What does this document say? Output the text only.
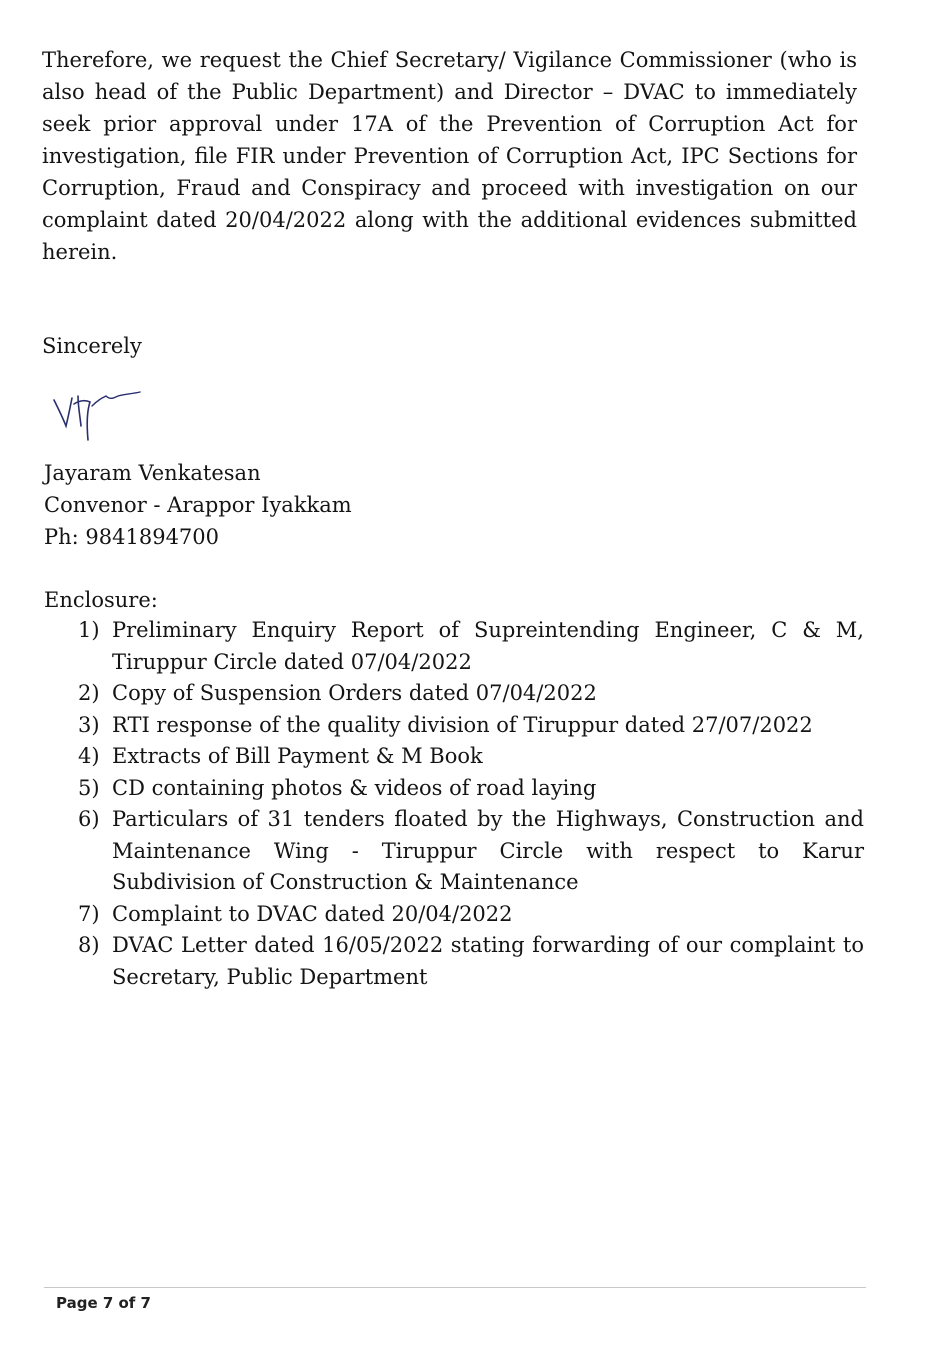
Therefore, we request the Chief Secretary/ Vigilance Commissioner (who is also head of the Public Department) and Director – DVAC to immediately seek prior approval under 17A of the Prevention of Corruption Act for investigation, file FIR under Prevention of Corruption Act, IPC Sections for Corruption, Fraud and Conspiracy and proceed with investigation on our complaint dated 20/04/2022 along with the additional evidences submitted herein.

Sincerely
Jayaram Venkatesan
Convenor - Arappor Iyakkam
Ph: 9841894700
Enclosure:
1) Preliminary Enquiry Report of Supreintending Engineer, C & M, Tiruppur Circle dated 07/04/2022
2) Copy of Suspension Orders dated 07/04/2022
3) RTI response of the quality division of Tiruppur dated 27/07/2022
4) Extracts of Bill Payment & M Book
5) CD containing photos & videos of road laying
6) Particulars of 31 tenders floated by the Highways, Construction and Maintenance Wing - Tiruppur Circle with respect to Karur Subdivision of Construction & Maintenance
7) Complaint to DVAC dated 20/04/2022
8) DVAC Letter dated 16/05/2022 stating forwarding of our complaint to Secretary, Public Department
Page 7 of 7
